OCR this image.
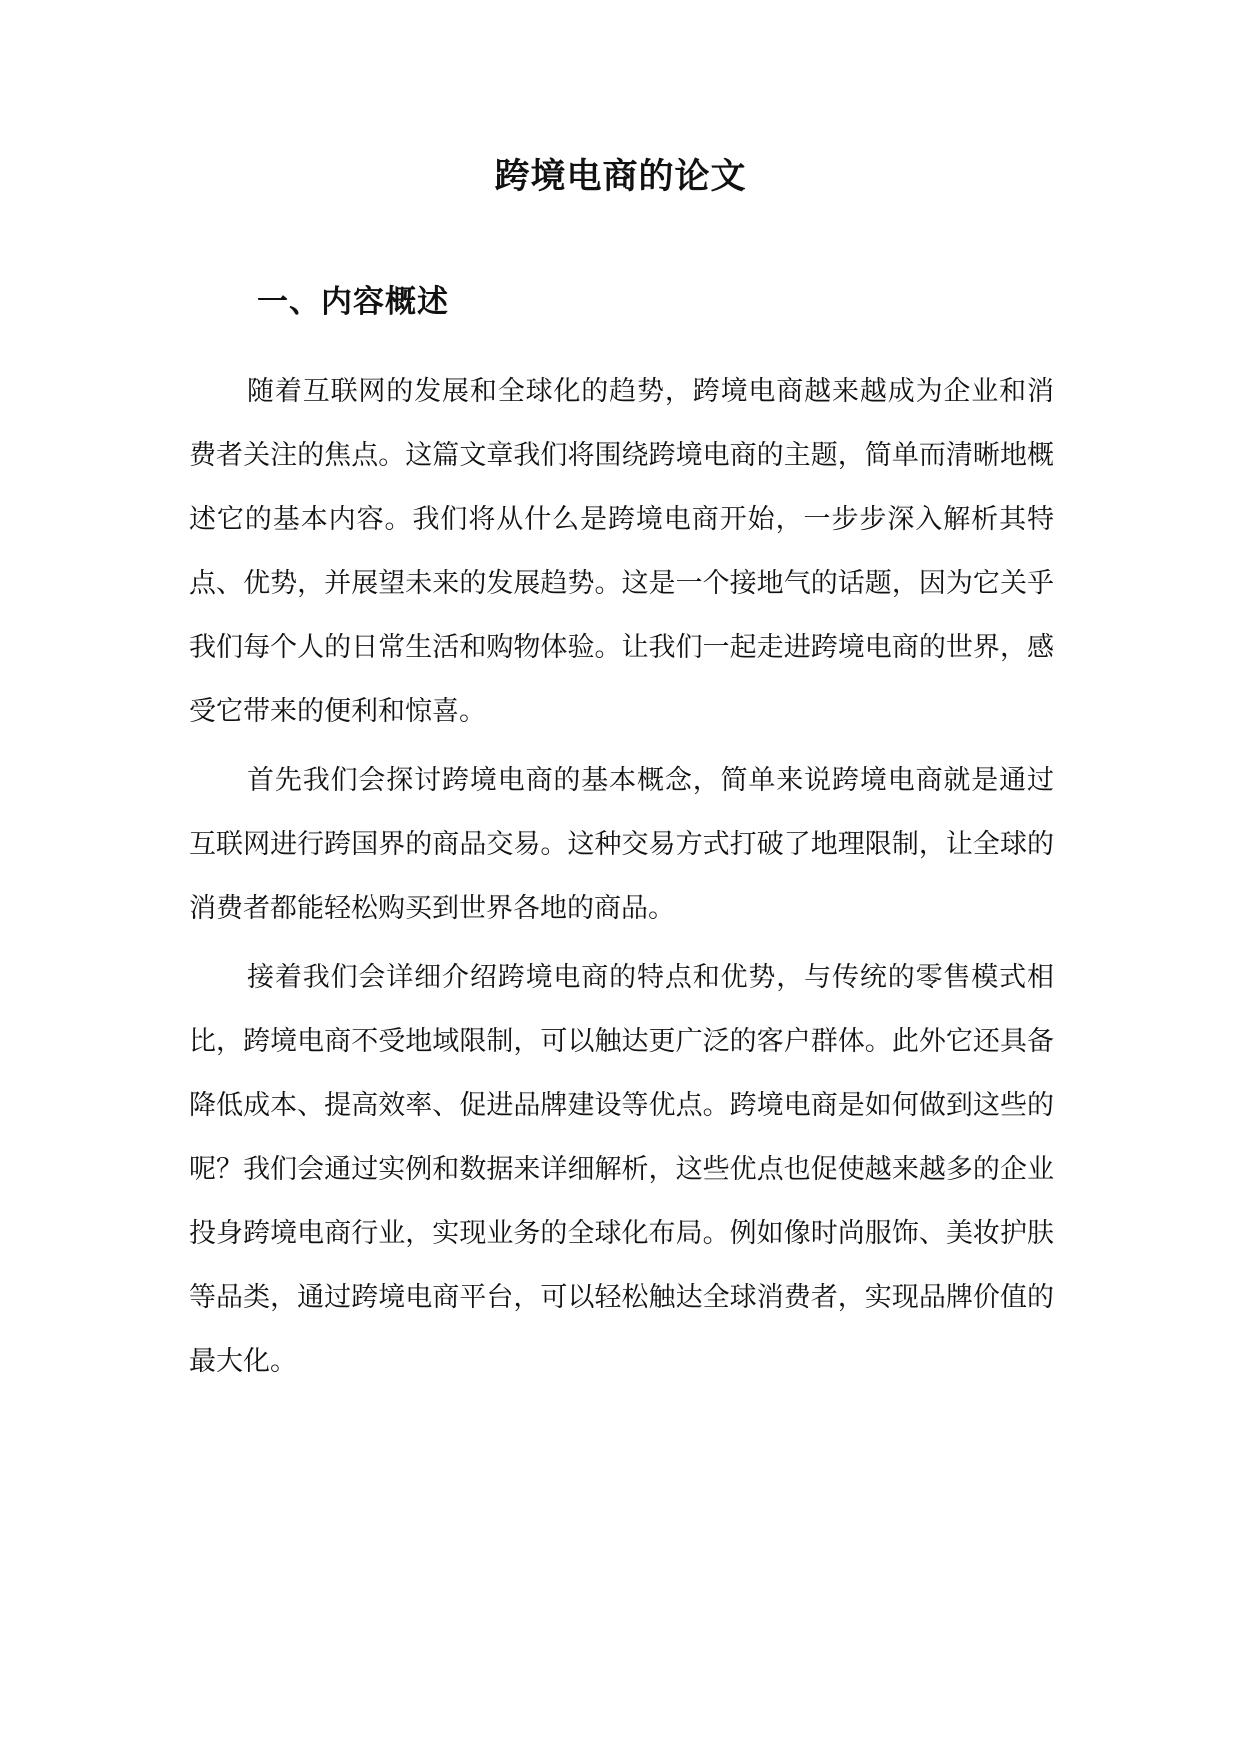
跨境电商的论文
一、内容概述

随着互联网的发展和全球化的趋势，跨境电商越来越成为企业和消费者关注的焦点。这篇文章我们将围绕跨境电商的主题，简单而清晰地概述它的基本内容。我们将从什么是跨境电商开始，一步步深入解析其特点、优势，并展望未来的发展趋势。这是一个接地气的话题，因为它关乎我们每个人的日常生活和购物体验。让我们一起走进跨境电商的世界，感受它带来的便利和惊喜。

首先我们会探讨跨境电商的基本概念，简单来说跨境电商就是通过互联网进行跨国界的商品交易。这种交易方式打破了地理限制，让全球的消费者都能轻松购买到世界各地的商品。

接着我们会详细介绍跨境电商的特点和优势，与传统的零售模式相比，跨境电商不受地域限制，可以触达更广泛的客户群体。此外它还具备降低成本、提高效率、促进品牌建设等优点。跨境电商是如何做到这些的呢？我们会通过实例和数据来详细解析，这些优点也促使越来越多的企业投身跨境电商行业，实现业务的全球化布局。例如像时尚服饰、美妆护肤等品类，通过跨境电商平台，可以轻松触达全球消费者，实现品牌价值的最大化。
